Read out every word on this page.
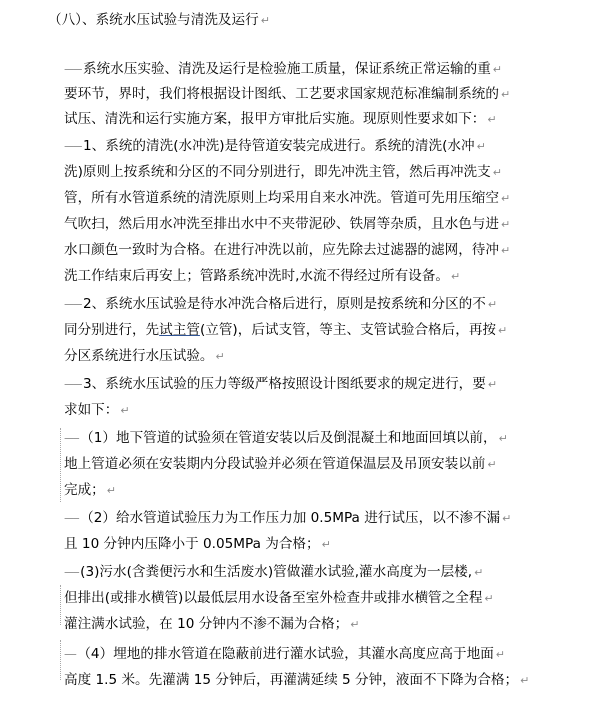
（八）、系统水压试验与清洗及运行 ↵
------ 系统水压实验、清洗及运行是检验施工质量，保证系统正常运输的重 ↵
要环节，界时，我们将根据设计图纸、工艺要求国家规范标准编制系统的 ↵
试压、清洗和运行实施方案，报甲方审批后实施。现原则性要求如下： ↵
------ 1、系统的清洗(水冲洗)是待管道安装完成进行。系统的清洗(水冲 ↵
洗)原则上按系统和分区的不同分别进行，即先冲洗主管，然后再冲洗支 ↵
管，所有水管道系统的清洗原则上均采用自来水冲洗。管道可先用压缩空 ↵
气吹扫，然后用水冲洗至排出水中不夹带泥砂、铁屑等杂质，且水色与进 ↵
水口颜色一致时为合格。在进行冲洗以前，应先除去过滤器的滤网，待冲 ↵
洗工作结束后再安上；管路系统冲洗时,水流不得经过所有设备。 ↵
------ 2、系统水压试验是待水冲洗合格后进行，原则是按系统和分区的不 ↵
同分别进行，先试主管(立管)，后试支管，等主、支管试验合格后，再按 ↵
分区系统进行水压试验。 ↵
------ 3、系统水压试验的压力等级严格按照设计图纸要求的规定进行，要 ↵
求如下： ↵
----- （1）地下管道的试验须在管道安装以后及倒混凝土和地面回填以前， ↵
地上管道必须在安装期内分段试验并必须在管道保温层及吊顶安装以前 ↵
完成； ↵
----- （2）给水管道试验压力为工作压力加 0.5MPa 进行试压，以不渗不漏 ↵
且 10 分钟内压降小于 0.05MPa 为合格； ↵
----- (3)污水(含粪便污水和生活废水)管做灌水试验,灌水高度为一层楼, ↵
但排出(或排水横管)以最低层用水设备至室外检查井或排水横管之全程 ↵
灌注满水试验，在 10 分钟内不渗不漏为合格； ↵
---- （4）埋地的排水管道在隐蔽前进行灌水试验，其灌水高度应高于地面 ↵
高度 1.5 米。先灌满 15 分钟后，再灌满延续 5 分钟，液面不下降为合格； ↵
